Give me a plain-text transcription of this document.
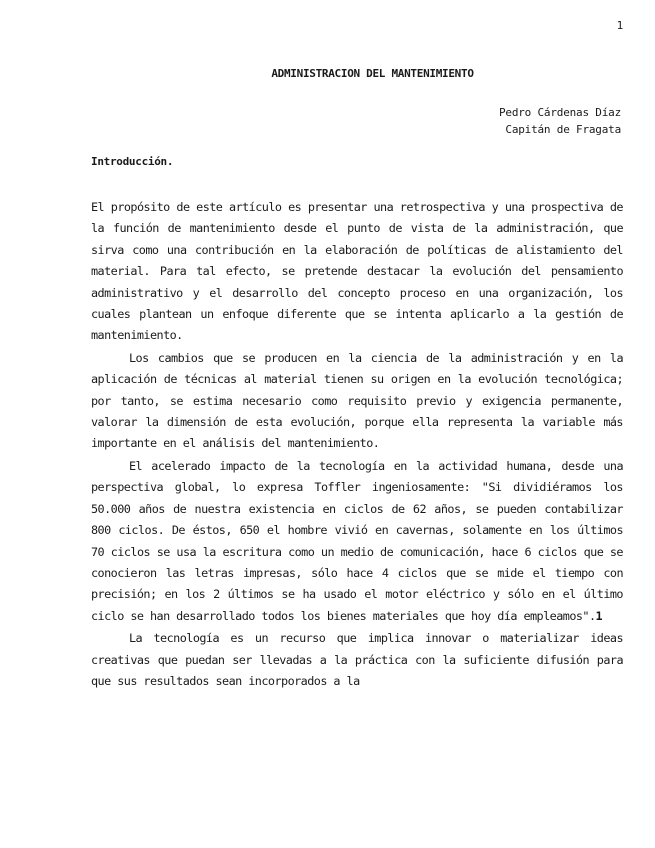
1
ADMINISTRACION DEL MANTENIMIENTO
Pedro Cárdenas Díaz
Capitán de Fragata
Introducción.

El propósito de este artículo es presentar una retrospectiva y una prospectiva de la función de mantenimiento desde el punto de vista de la administración, que sirva como una contribución en la elaboración de políticas de alistamiento del material. Para tal efecto, se pretende destacar la evolución del pensamiento administrativo y el desarrollo del concepto proceso en una organización, los cuales plantean un enfoque diferente que se intenta aplicarlo a la gestión de mantenimiento.

Los cambios que se producen en la ciencia de la administración y en la aplicación de técnicas al material tienen su origen en la evolución tecnológica; por tanto, se estima necesario como requisito previo y exigencia permanente, valorar la dimensión de esta evolución, porque ella representa la variable más importante en el análisis del mantenimiento.

El acelerado impacto de la tecnología en la actividad humana, desde una perspectiva global, lo expresa Toffler ingeniosamente: "Si dividiéramos los 50.000 años de nuestra existencia en ciclos de 62 años, se pueden contabilizar 800 ciclos. De éstos, 650 el hombre vivió en cavernas, solamente en los últimos 70 ciclos se usa la escritura como un medio de comunicación, hace 6 ciclos que se conocieron las letras impresas, sólo hace 4 ciclos que se mide el tiempo con precisión; en los 2 últimos se ha usado el motor eléctrico y sólo en el último ciclo se han desarrollado todos los bienes materiales que hoy día empleamos".1

La tecnología es un recurso que implica innovar o materializar ideas creativas que puedan ser llevadas a la práctica con la suficiente difusión para que sus resultados sean incorporados a la
